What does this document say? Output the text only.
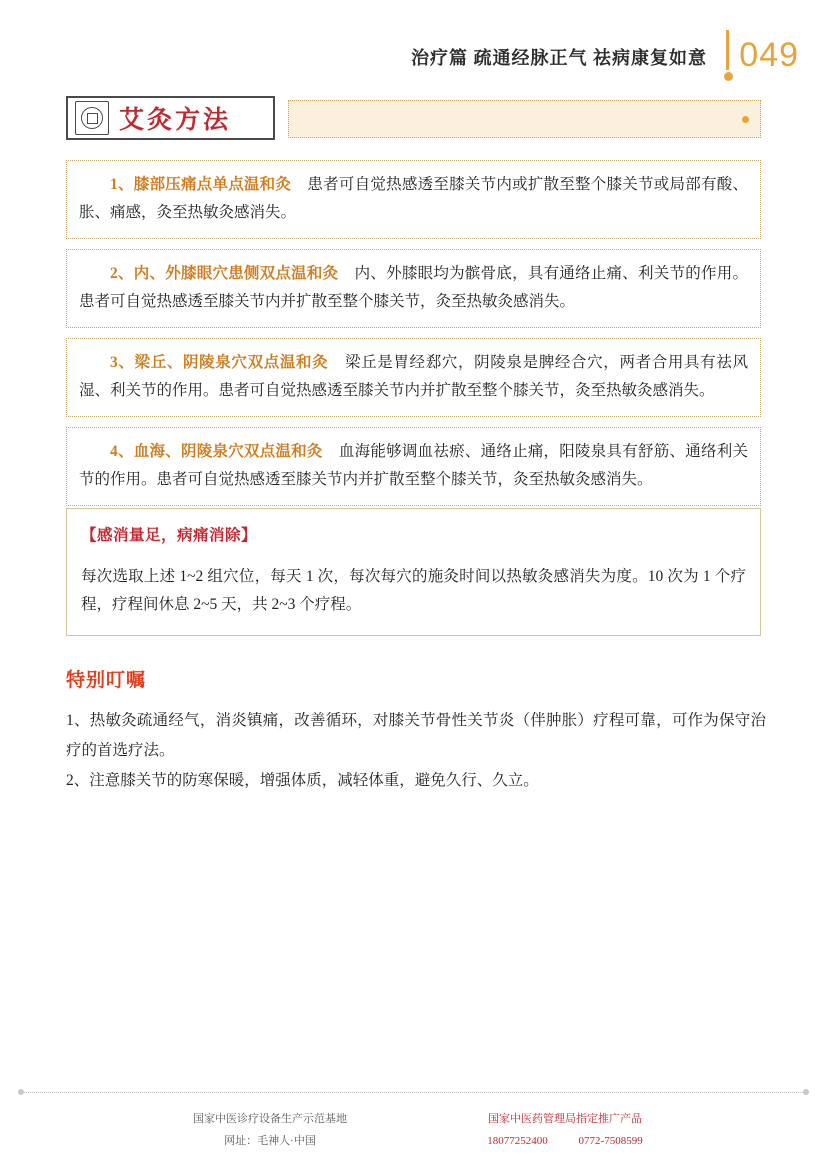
治疗篇 疏通经脉正气 祛病康复如意 049
艾灸方法
1、膝部压痛点单点温和灸 患者可自觉热感透至膝关节内或扩散至整个膝关节或局部有酸、胀、痛感，灸至热敏灸感消失。
2、内、外膝眼穴患侧双点温和灸 内、外膝眼均为髌骨底，具有通络止痛、利关节的作用。患者可自觉热感透至膝关节内并扩散至整个膝关节，灸至热敏灸感消失。
3、梁丘、阴陵泉穴双点温和灸 梁丘是胃经郄穴，阴陵泉是脾经合穴，两者合用具有祛风湿、利关节的作用。患者可自觉热感透至膝关节内并扩散至整个膝关节，灸至热敏灸感消失。
4、血海、阴陵泉穴双点温和灸 血海能够调血祛瘀、通络止痛，阳陵泉具有舒筋、通络利关节的作用。患者可自觉热感透至膝关节内并扩散至整个膝关节，灸至热敏灸感消失。
【感消量足，病痛消除】
每次选取上述 1~2 组穴位，每天 1 次，每次每穴的施灸时间以热敏灸感消失为度。10 次为 1 个疗程，疗程间休息 2~5 天，共 2~3 个疗程。
特别叮嘱
1、热敏灸疏通经气，消炎镇痛，改善循环，对膝关节骨性关节炎（伴肿胀）疗程可靠，可作为保守治疗的首选疗法。
2、注意膝关节的防寒保暖，增强体质，减轻体重，避免久行、久立。
国家中医诊疗设备生产示范基地
网址：毛神人·中国
国家中医药管理局指定推广产品
18077252400	0772-7508599
